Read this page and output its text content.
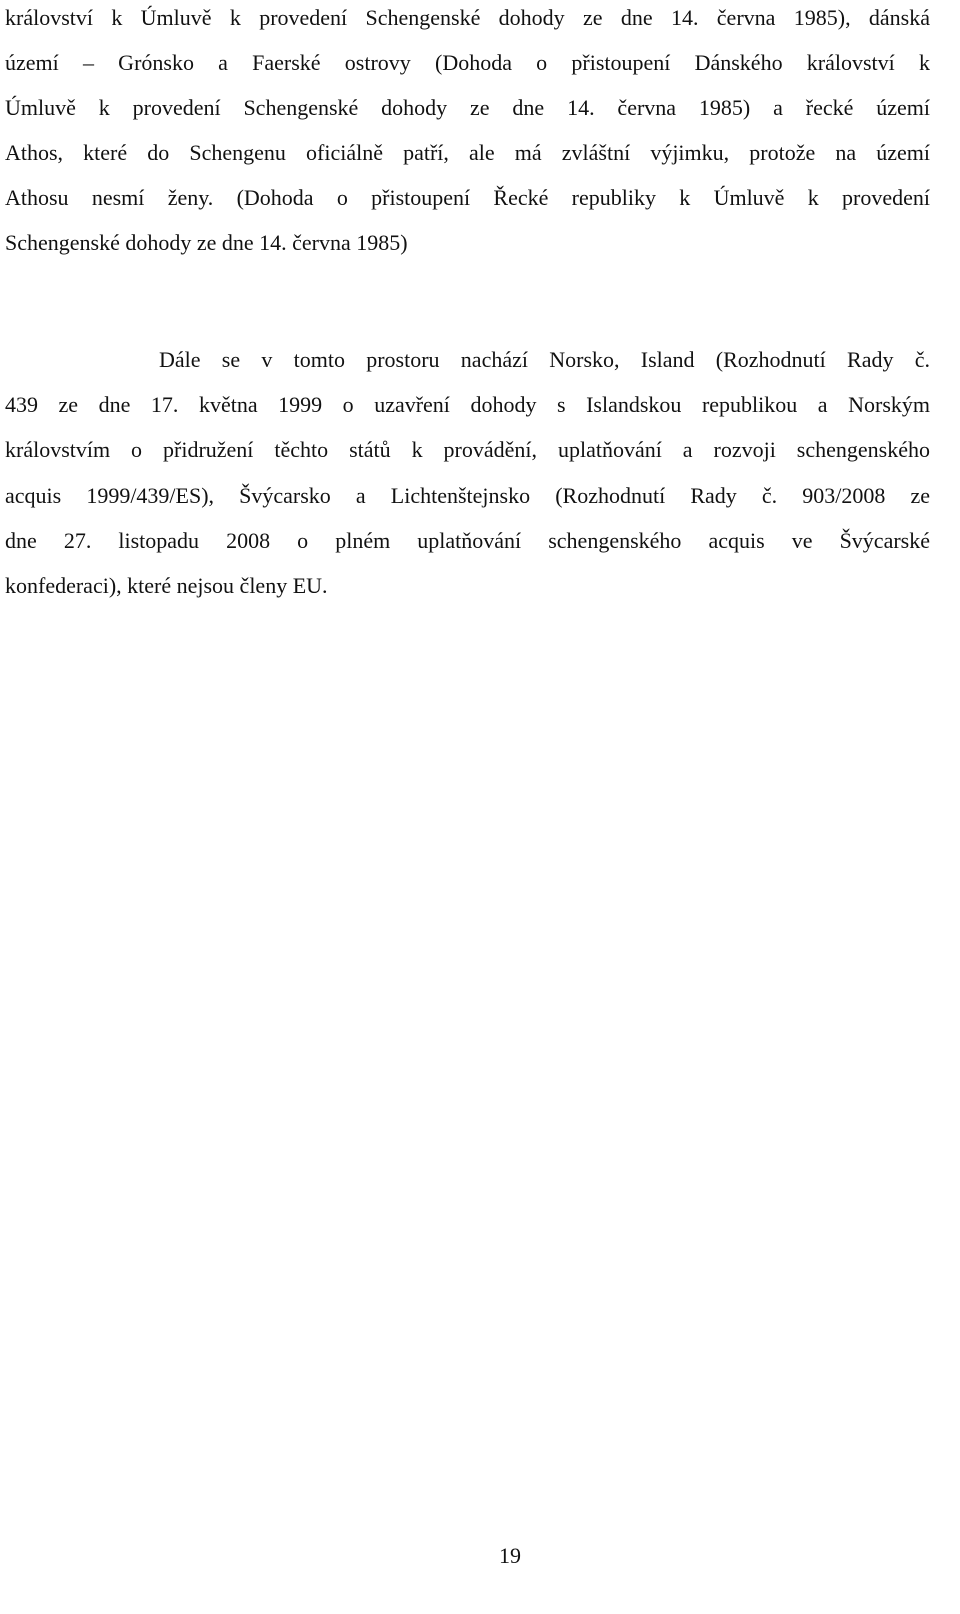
království k Úmluvě k provedení Schengenské dohody ze dne 14. června 1985), dánská
území – Grónsko a Faerské ostrovy (Dohoda o přistoupení Dánského království k
Úmluvě k provedení Schengenské dohody ze dne 14. června 1985) a řecké území
Athos, které do Schengenu oficiálně patří, ale má zvláštní výjimku, protože na území
Athosu nesmí ženy. (Dohoda o přistoupení Řecké republiky k Úmluvě k provedení
Schengenské dohody ze dne 14. června 1985)
Dále se v tomto prostoru nachází Norsko, Island (Rozhodnutí Rady č.
439 ze dne 17. května 1999 o uzavření dohody s Islandskou republikou a Norským
královstvím o přidružení těchto států k provádění, uplatňování a rozvoji schengenského
acquis 1999/439/ES), Švýcarsko a Lichtenštejnsko (Rozhodnutí Rady č. 903/2008 ze
dne 27. listopadu 2008 o plném uplatňování schengenského acquis ve Švýcarské
konfederaci), které nejsou členy EU.
19
